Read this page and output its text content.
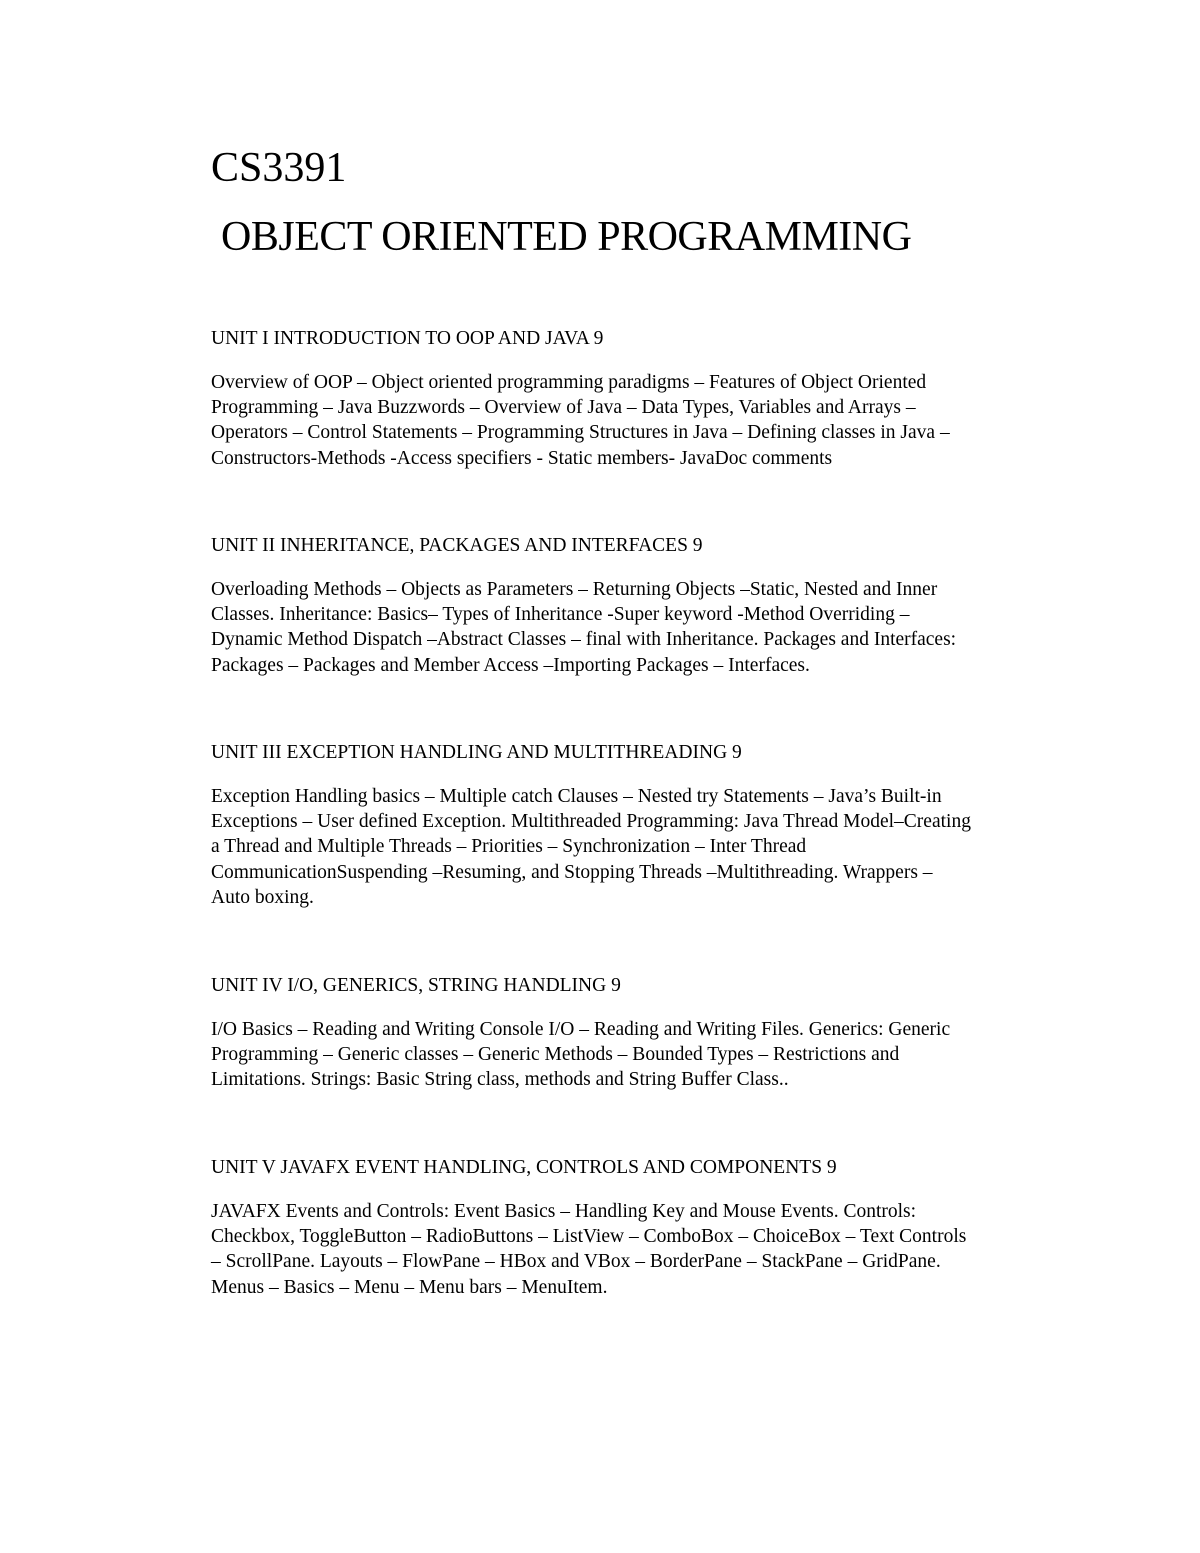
CS3391
OBJECT ORIENTED PROGRAMMING
UNIT I INTRODUCTION TO OOP AND JAVA 9

Overview of OOP – Object oriented programming paradigms – Features of Object Oriented
Programming – Java Buzzwords – Overview of Java – Data Types, Variables and Arrays –
Operators – Control Statements – Programming Structures in Java – Defining classes in Java –
Constructors-Methods -Access specifiers - Static members- JavaDoc comments

UNIT II INHERITANCE, PACKAGES AND INTERFACES 9

Overloading Methods – Objects as Parameters – Returning Objects –Static, Nested and Inner
Classes. Inheritance: Basics– Types of Inheritance -Super keyword -Method Overriding –
Dynamic Method Dispatch –Abstract Classes – final with Inheritance. Packages and Interfaces:
Packages – Packages and Member Access –Importing Packages – Interfaces.

UNIT III EXCEPTION HANDLING AND MULTITHREADING 9

Exception Handling basics – Multiple catch Clauses – Nested try Statements – Java’s Built-in
Exceptions – User defined Exception. Multithreaded Programming: Java Thread Model–Creating
a Thread and Multiple Threads – Priorities – Synchronization – Inter Thread
CommunicationSuspending –Resuming, and Stopping Threads –Multithreading. Wrappers –
Auto boxing.

UNIT IV I/O, GENERICS, STRING HANDLING 9

I/O Basics – Reading and Writing Console I/O – Reading and Writing Files. Generics: Generic
Programming – Generic classes – Generic Methods – Bounded Types – Restrictions and
Limitations. Strings: Basic String class, methods and String Buffer Class..

UNIT V JAVAFX EVENT HANDLING, CONTROLS AND COMPONENTS 9

JAVAFX Events and Controls: Event Basics – Handling Key and Mouse Events. Controls:
Checkbox, ToggleButton – RadioButtons – ListView – ComboBox – ChoiceBox – Text Controls
– ScrollPane. Layouts – FlowPane – HBox and VBox – BorderPane – StackPane – GridPane.
Menus – Basics – Menu – Menu bars – MenuItem.
